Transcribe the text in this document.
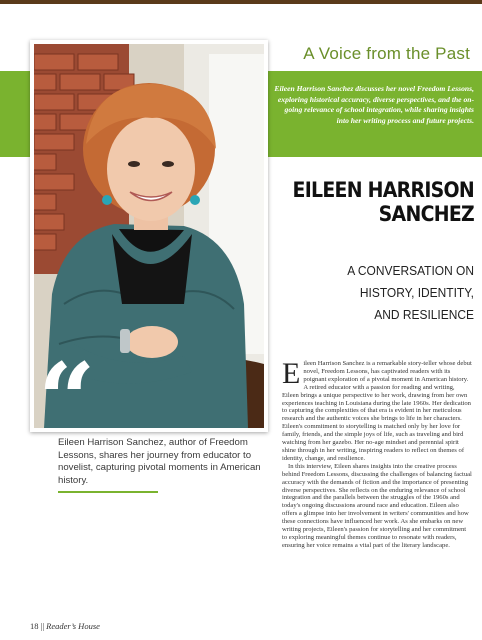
“
A Voice from the Past
Eileen Harrison Sanchez discusses her novel Freedom Lessons, exploring historical accuracy, diverse perspectives, and the on-going relevance of school integration, while sharing insights into her writing process and future projects.
EILEEN HARRISON
SANCHEZ
A CONVERSATION ON
HISTORY, IDENTITY,
AND RESILIENCE
Eileen Harrison Sanchez, author of Freedom Lessons, shares her journey from educator to novelist, capturing pivotal moments in American history.

Eileen Harrison Sanchez is a remarkable story-teller whose debut novel, Freedom Lessons, has captivated readers with its poignant exploration of a pivotal moment in American history. A retired educator with a passion for reading and writing, Eileen brings a unique perspective to her work, drawing from her own experiences teaching in Louisiana during the late 1960s. Her dedication to capturing the complexities of that era is evident in her meticulous research and the authentic voices she brings to life in her characters. Eileen's commitment to storytelling is matched only by her love for family, friends, and the simple joys of life, such as traveling and bird watching from her gazebo. Her no-age mindset and perennial spirit shine through in her writing, inspiring readers to reflect on themes of identity, change, and resilience.

In this interview, Eileen shares insights into the creative process behind Freedom Lessons, discussing the challenges of balancing factual accuracy with the demands of fiction and the importance of presenting diverse perspectives. She reflects on the enduring relevance of school integration and the parallels between the struggles of the 1960s and today's ongoing discussions around race and education. Eileen also offers a glimpse into her involvement in writers' communities and how these connections have influenced her work. As she embarks on new writing projects, Eileen's passion for storytelling and her commitment to exploring meaningful themes continue to resonate with readers, ensuring her voice remains a vital part of the literary landscape.

18 || Reader’s House
